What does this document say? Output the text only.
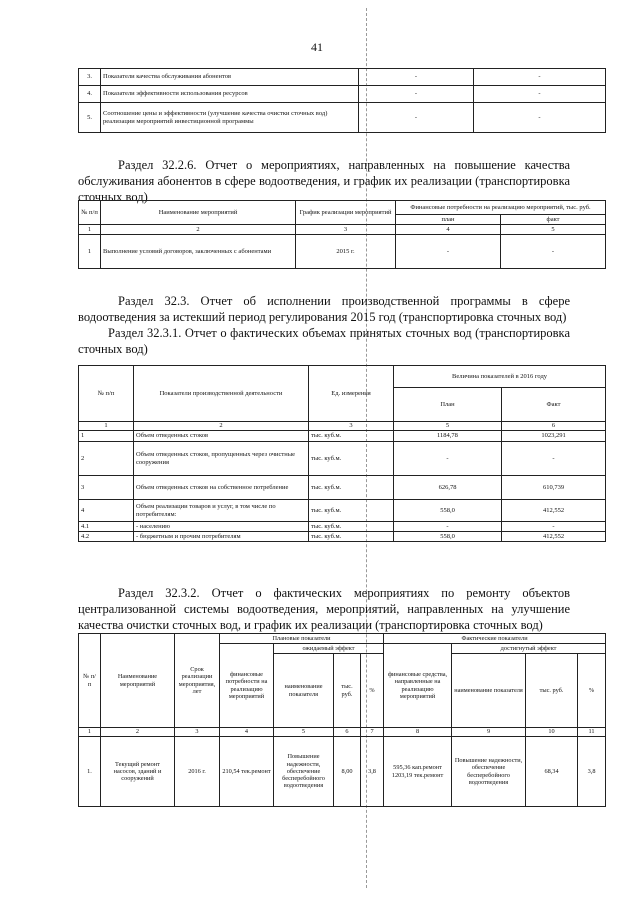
41
3.	Показатели качества обслуживания абонентов	-	-
4.	Показатели эффективности использования ресурсов	-	-
5.	Соотношение цены и эффективности (улучшение качества очистки сточных вод) реализации мероприятий инвестиционной программы	-	-
Раздел 32.2.6. Отчет о мероприятиях, направленных на повышение качества обслуживания абонентов в сфере водоотведения, и график их реализации (транспортировка сточных вод)
№ п/п	Наименование мероприятий	График реализации мероприятий	Финансовые потребности на реализацию мероприятий, тыс. руб.	
			план	факт
1	2	3	4	5
1	Выполнение условий договоров, заключенных с абонентами	2015 г.	-	-
Раздел 32.3. Отчет об исполнении производственной программы в сфере водоотведения за истекший период регулирования 2015 год (транспортировка сточных вод)
Раздел 32.3.1. Отчет о фактических объемах принятых сточных вод (транспортировка сточных вод)
№ п/п	Показатели производственной деятельности	Ед. измерения	Величина показателей в 2016 году	
			План	Факт
1	2	3	5	6
1	Объем отведенных стоков	тыс. куб.м.	1184,78	1023,291
2	Объем отведенных стоков, пропущенных через очистные сооружения	тыс. куб.м.	-	-
3	Объем отведенных стоков на собственное потребление	тыс. куб.м.	626,78	610,739
4	Объем реализации товаров и услуг, в том числе по потребителям:	тыс. куб.м.	558,0	412,552
4.1	- населению	тыс. куб.м.	-	-
4.2	- бюджетным и прочим потребителям	тыс. куб.м.	558,0	412,552
Раздел 32.3.2. Отчет о фактических мероприятиях по ремонту объектов централизованной системы водоотведения, мероприятий, направленных на улучшение качества очистки сточных вод, и график их реализации (транспортировка сточных вод)
№ п/ п	Наименование мероприятий	Срок реализации мероприятия, лет	Плановые показатели				Фактические показатели			
			финансовые потребности на реализацию мероприятий	ожидаемый эффект			финансовые средства, направленные на реализацию мероприятий	достигнутый эффект		
				наименование показателя	тыс. руб.	%		наименование показателя	тыс. руб.	%
1	2	3	4	5	6	7	8	9	10	11
1.	Текущий ремонт насосов, зданий и сооружений	2016 г.	210,54 тек.ремонт	Повышение надежности, обеспечение бесперебойного водоотведения	8,00	3,8	595,36 кап.ремонт 1203,19 тек.ремонт	Повышение надежности, обеспечение бесперебойного водоотведения	68,34	3,8
